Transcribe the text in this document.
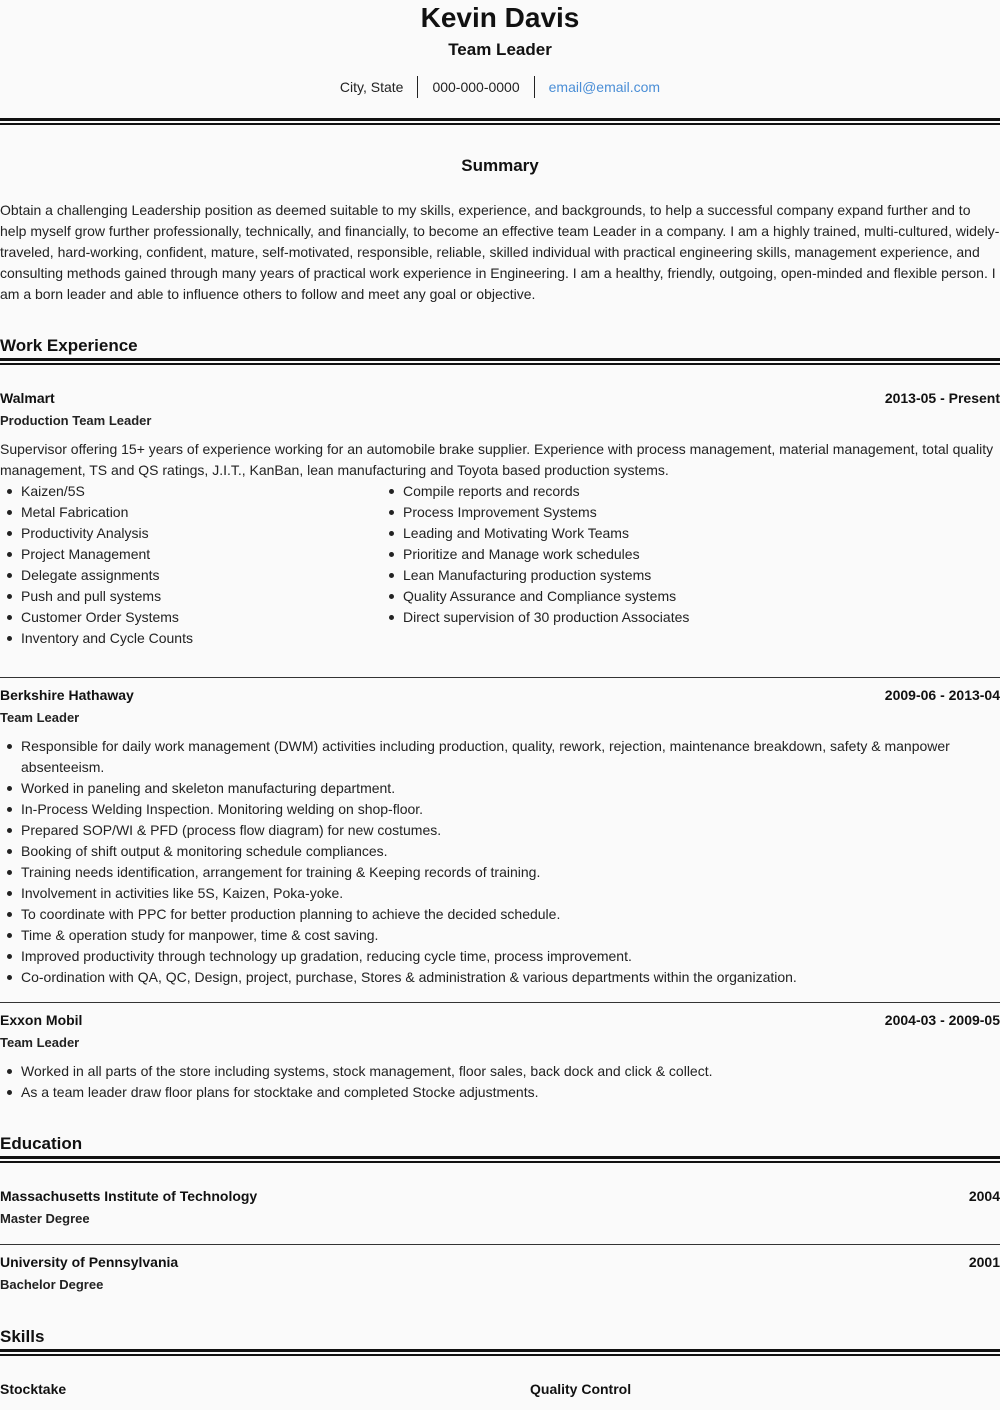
Kevin Davis
Team Leader
City, State	000-000-0000	email@email.com
Summary
Obtain a challenging Leadership position as deemed suitable to my skills, experience, and backgrounds, to help a successful company expand further and to help myself grow further professionally, technically, and financially, to become an effective team Leader in a company. I am a highly trained, multi-cultured, widely-traveled, hard-working, confident, mature, self-motivated, responsible, reliable, skilled individual with practical engineering skills, management experience, and consulting methods gained through many years of practical work experience in Engineering. I am a healthy, friendly, outgoing, open-minded and flexible person. I am a born leader and able to influence others to follow and meet any goal or objective.
Work Experience
Walmart	2013-05 - Present
Production Team Leader
Supervisor offering 15+ years of experience working for an automobile brake supplier. Experience with process management, material management, total quality management, TS and QS ratings, J.I.T., KanBan, lean manufacturing and Toyota based production systems.
Kaizen/5S
Metal Fabrication
Productivity Analysis
Project Management
Delegate assignments
Push and pull systems
Customer Order Systems
Inventory and Cycle Counts
Compile reports and records
Process Improvement Systems
Leading and Motivating Work Teams
Prioritize and Manage work schedules
Lean Manufacturing production systems
Quality Assurance and Compliance systems
Direct supervision of 30 production Associates
Berkshire Hathaway	2009-06 - 2013-04
Team Leader
Responsible for daily work management (DWM) activities including production, quality, rework, rejection, maintenance breakdown, safety & manpower absenteeism.
Worked in paneling and skeleton manufacturing department.
In-Process Welding Inspection. Monitoring welding on shop-floor.
Prepared SOP/WI & PFD (process flow diagram) for new costumes.
Booking of shift output & monitoring schedule compliances.
Training needs identification, arrangement for training & Keeping records of training.
Involvement in activities like 5S, Kaizen, Poka-yoke.
To coordinate with PPC for better production planning to achieve the decided schedule.
Time & operation study for manpower, time & cost saving.
Improved productivity through technology up gradation, reducing cycle time, process improvement.
Co-ordination with QA, QC, Design, project, purchase, Stores & administration & various departments within the organization.
Exxon Mobil	2004-03 - 2009-05
Team Leader
Worked in all parts of the store including systems, stock management, floor sales, back dock and click & collect.
As a team leader draw floor plans for stocktake and completed Stocke adjustments.
Education
Massachusetts Institute of Technology	2004
Master Degree
University of Pennsylvania	2001
Bachelor Degree
Skills
Stocktake	Quality Control
